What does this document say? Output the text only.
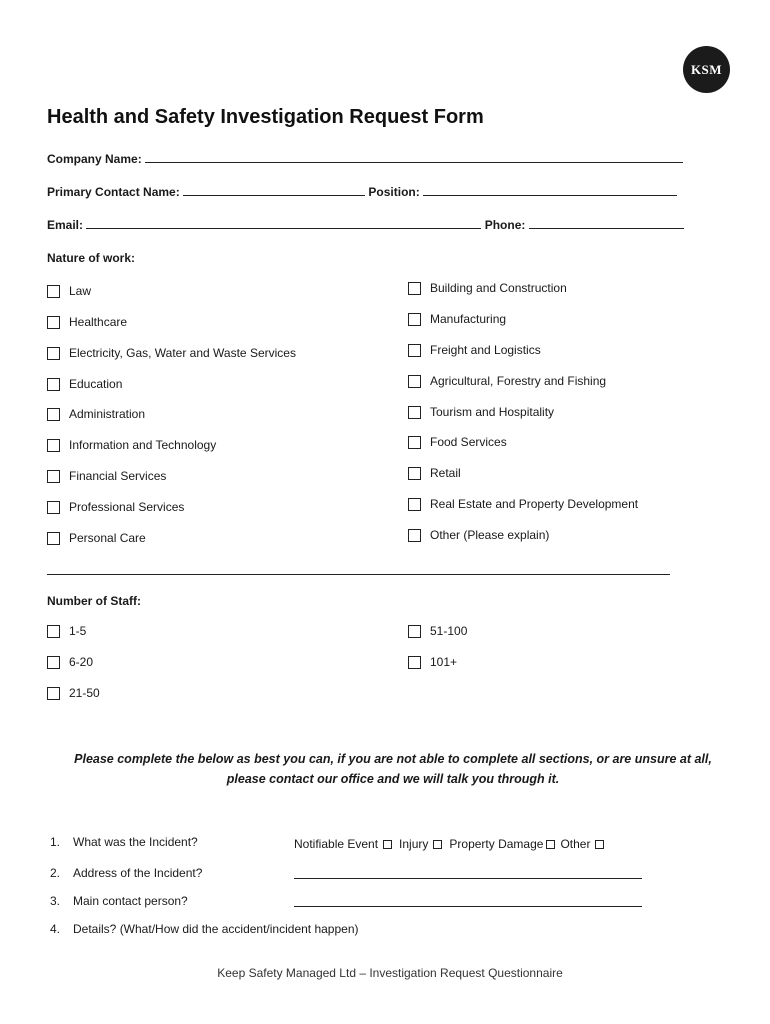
KSM
Health and Safety Investigation Request Form
Company Name:
Primary Contact Name:	Position:
Email:	Phone:
Nature of work:
Law
Healthcare
Electricity, Gas, Water and Waste Services
Education
Administration
Information and Technology
Financial Services
Professional Services
Personal Care
Building and Construction
Manufacturing
Freight and Logistics
Agricultural, Forestry and Fishing
Tourism and Hospitality
Food Services
Retail
Real Estate and Property Development
Other (Please explain)
Number of Staff:
1-5
6-20
21-50
51-100
101+
Please complete the below as best you can, if you are not able to complete all sections, or are unsure at all, please contact our office and we will talk you through it.
1. What was the Incident?	Notifiable Event Injury Property Damage Other
2. Address of the Incident?
3. Main contact person?
4. Details? (What/How did the accident/incident happen)
Keep Safety Managed Ltd – Investigation Request Questionnaire
